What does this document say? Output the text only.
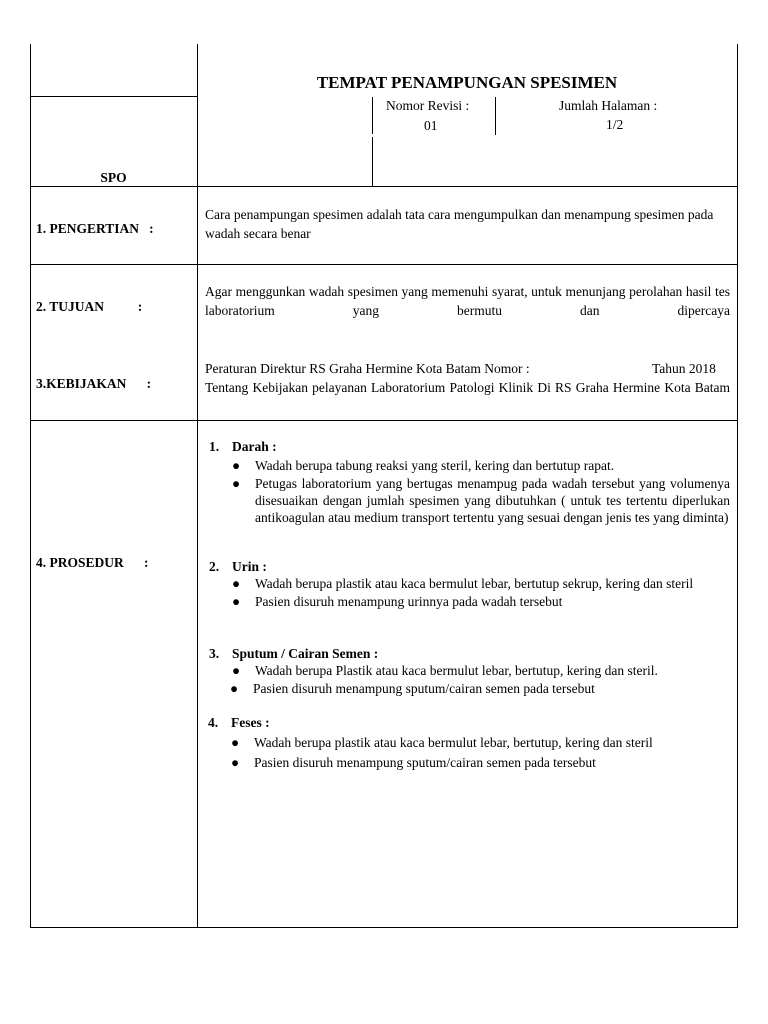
TEMPAT PENAMPUNGAN SPESIMEN
SPO
Nomor Revisi :
01
Jumlah Halaman :
1/2
1. PENGERTIAN   :
Cara penampungan spesimen adalah tata cara mengumpulkan dan menampung spesimen pada wadah secara benar
2. TUJUAN          :
Agar menggunkan wadah spesimen yang memenuhi syarat, untuk menunjang perolahan hasil tes laboratorium yang bermutu dan dipercaya
3.KEBIJAKAN      :
Peraturan Direktur RS Graha Hermine Kota Batam Nomor :	Tahun 2018
Tentang Kebijakan pelayanan Laboratorium Patologi Klinik Di RS Graha Hermine Kota Batam
4. PROSEDUR      :
1. Darah :
● Wadah berupa tabung reaksi yang steril, kering dan bertutup rapat.
● Petugas laboratorium yang bertugas menampug pada wadah tersebut yang volumenya disesuaikan dengan jumlah spesimen yang dibutuhkan ( untuk tes tertentu diperlukan antikoagulan atau medium transport tertentu yang sesuai dengan jenis tes yang diminta)
2. Urin :
● Wadah berupa plastik atau kaca bermulut lebar, bertutup sekrup, kering dan steril
● Pasien disuruh menampung urinnya pada wadah tersebut
3. Sputum / Cairan Semen :
● Wadah berupa Plastik atau kaca bermulut lebar, bertutup, kering dan steril.
● Pasien disuruh menampung sputum/cairan semen pada tersebut
4. Feses :
● Wadah berupa plastik atau kaca bermulut lebar, bertutup, kering dan steril
● Pasien disuruh menampung sputum/cairan semen pada tersebut
